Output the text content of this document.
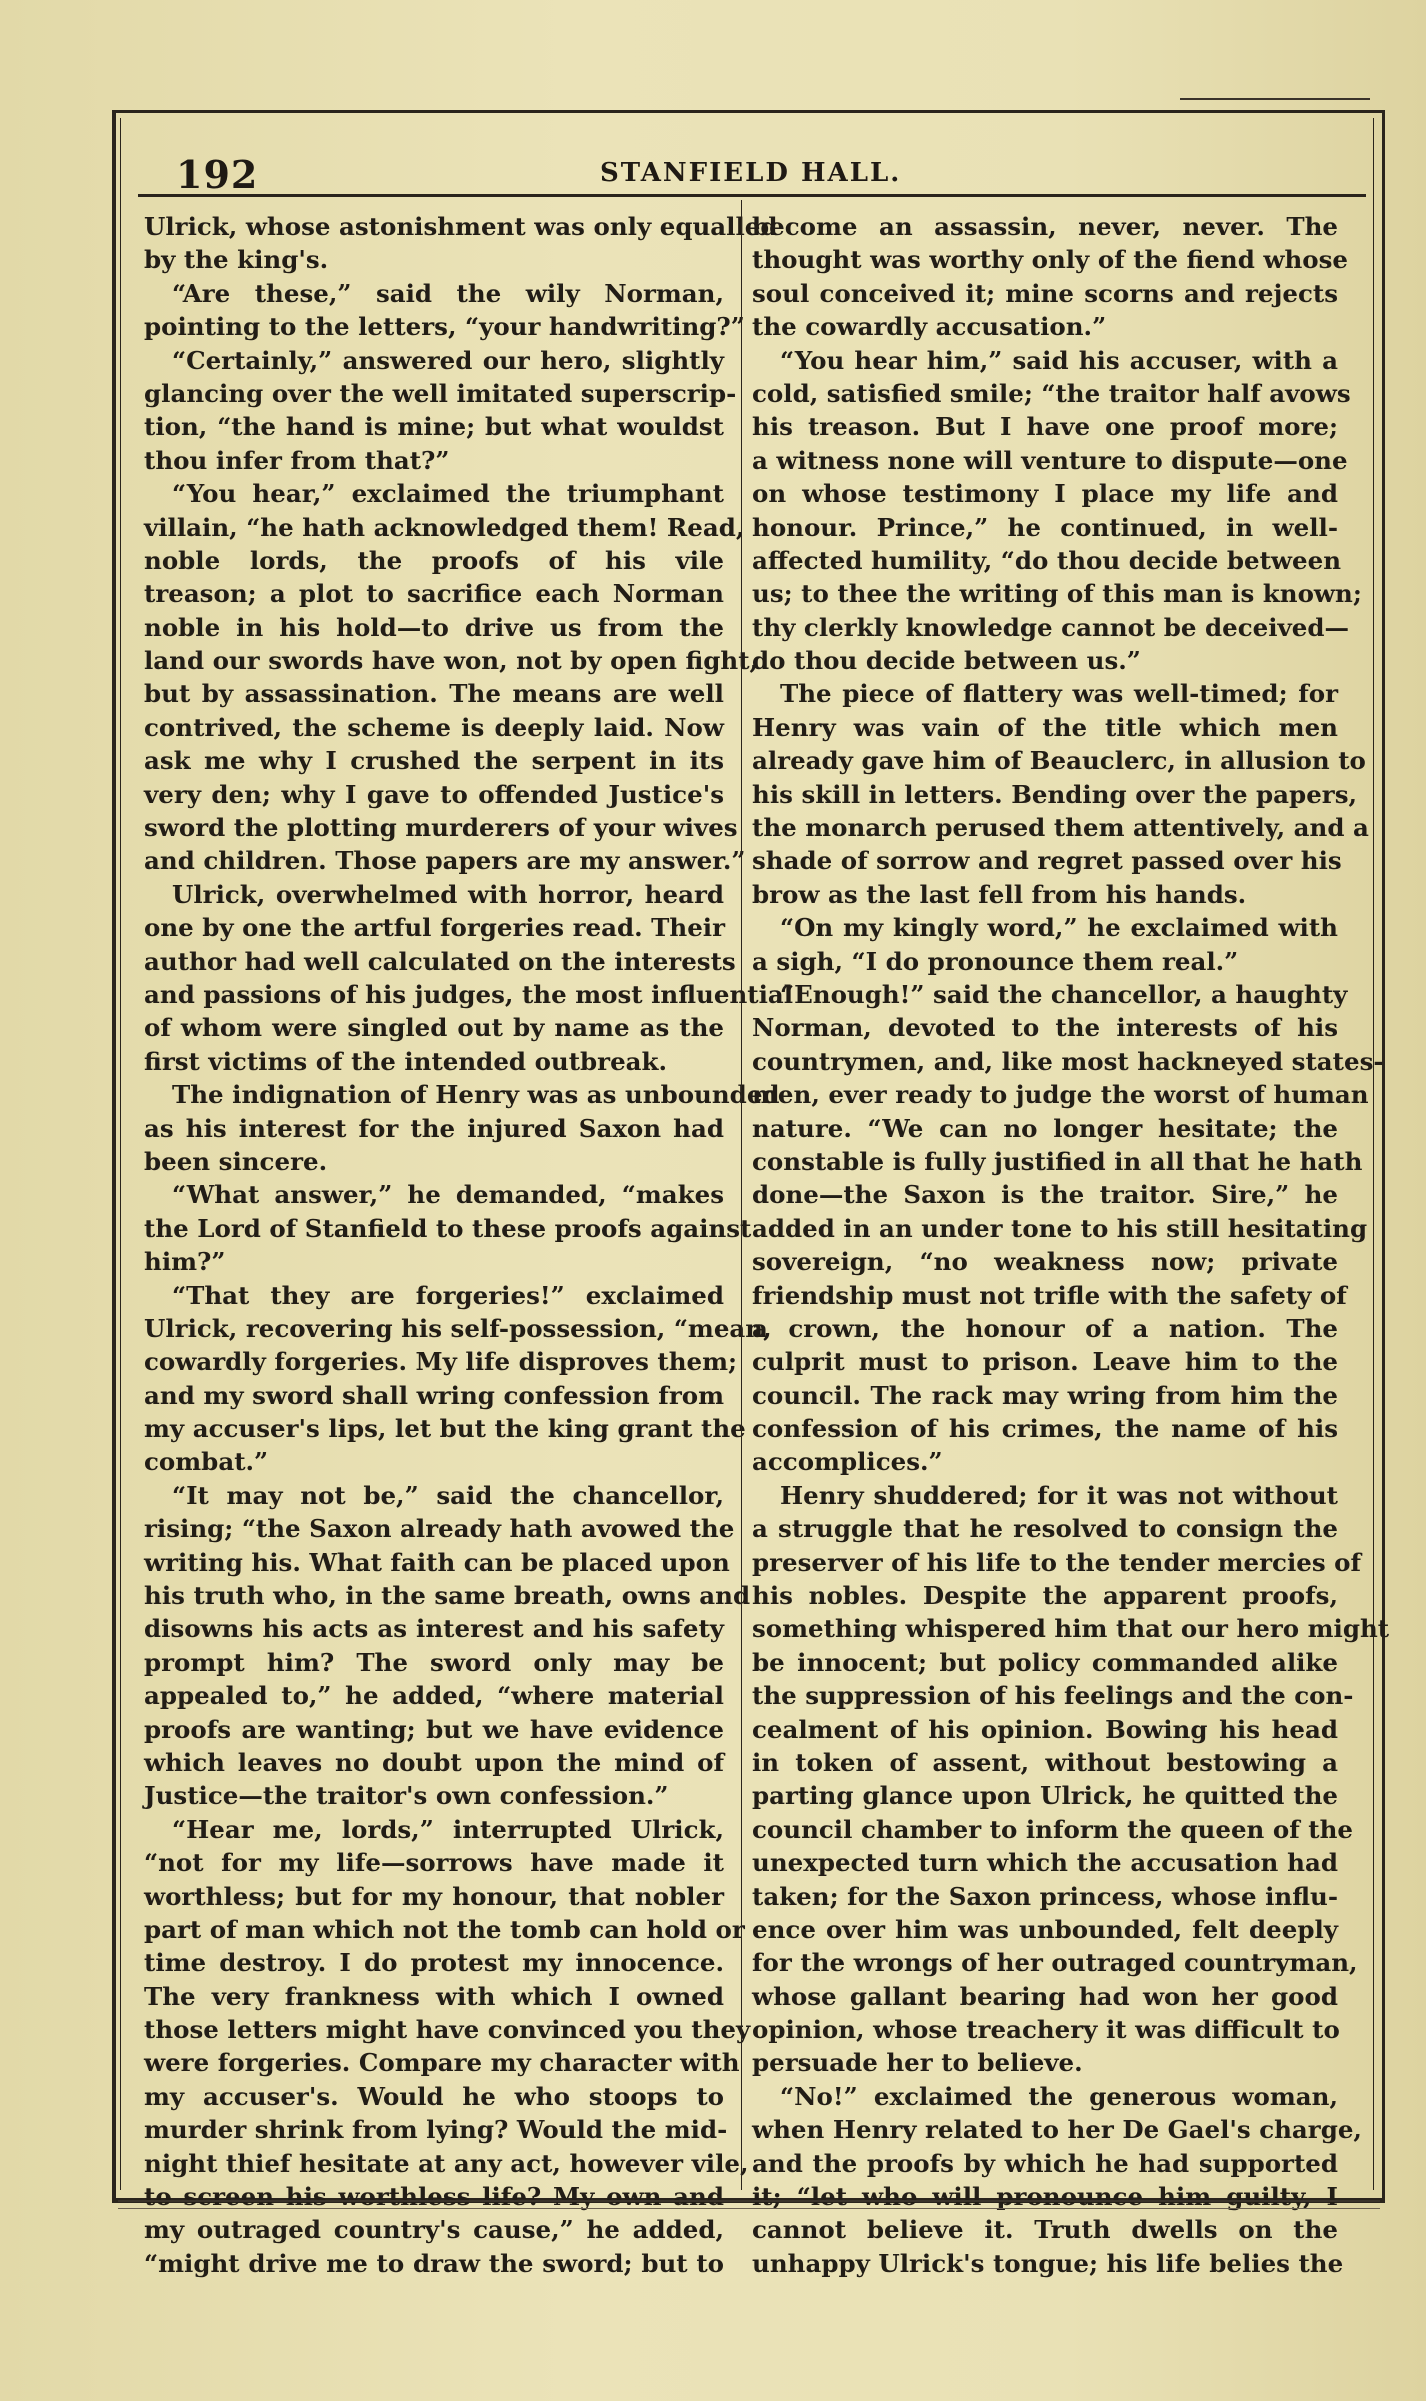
192	STANFIELD HALL.
Ulrick, whose astonishment was only equalled
by the king's.
“Are these,” said the wily Norman,
pointing to the letters, “your handwriting?”
“Certainly,” answered our hero, slightly
glancing over the well imitated superscrip-
tion, “the hand is mine; but what wouldst
thou infer from that?”
“You hear,” exclaimed the triumphant
villain, “he hath acknowledged them! Read,
noble lords, the proofs of his vile
treason; a plot to sacrifice each Norman
noble in his hold—to drive us from the
land our swords have won, not by open fight,
but by assassination. The means are well
contrived, the scheme is deeply laid. Now
ask me why I crushed the serpent in its
very den; why I gave to offended Justice's
sword the plotting murderers of your wives
and children. Those papers are my answer.”
Ulrick, overwhelmed with horror, heard
one by one the artful forgeries read. Their
author had well calculated on the interests
and passions of his judges, the most influential
of whom were singled out by name as the
first victims of the intended outbreak.
The indignation of Henry was as unbounded
as his interest for the injured Saxon had
been sincere.
“What answer,” he demanded, “makes
the Lord of Stanfield to these proofs against
him?”
“That they are forgeries!” exclaimed
Ulrick, recovering his self-possession, “mean,
cowardly forgeries. My life disproves them;
and my sword shall wring confession from
my accuser's lips, let but the king grant the
combat.”
“It may not be,” said the chancellor,
rising; “the Saxon already hath avowed the
writing his. What faith can be placed upon
his truth who, in the same breath, owns and
disowns his acts as interest and his safety
prompt him? The sword only may be
appealed to,” he added, “where material
proofs are wanting; but we have evidence
which leaves no doubt upon the mind of
Justice—the traitor's own confession.”
“Hear me, lords,” interrupted Ulrick,
“not for my life—sorrows have made it
worthless; but for my honour, that nobler
part of man which not the tomb can hold or
time destroy. I do protest my innocence.
The very frankness with which I owned
those letters might have convinced you they
were forgeries. Compare my character with
my accuser's. Would he who stoops to
murder shrink from lying? Would the mid-
night thief hesitate at any act, however vile,
to screen his worthless life? My own and
my outraged country's cause,” he added,
“might drive me to draw the sword; but to
become an assassin, never, never. The
thought was worthy only of the fiend whose
soul conceived it; mine scorns and rejects
the cowardly accusation.”
“You hear him,” said his accuser, with a
cold, satisfied smile; “the traitor half avows
his treason. But I have one proof more;
a witness none will venture to dispute—one
on whose testimony I place my life and
honour. Prince,” he continued, in well-
affected humility, “do thou decide between
us; to thee the writing of this man is known;
thy clerkly knowledge cannot be deceived—
do thou decide between us.”
The piece of flattery was well-timed; for
Henry was vain of the title which men
already gave him of Beauclerc, in allusion to
his skill in letters. Bending over the papers,
the monarch perused them attentively, and a
shade of sorrow and regret passed over his
brow as the last fell from his hands.
“On my kingly word,” he exclaimed with
a sigh, “I do pronounce them real.”
“Enough!” said the chancellor, a haughty
Norman, devoted to the interests of his
countrymen, and, like most hackneyed states-
men, ever ready to judge the worst of human
nature. “We can no longer hesitate; the
constable is fully justified in all that he hath
done—the Saxon is the traitor. Sire,” he
added in an under tone to his still hesitating
sovereign, “no weakness now; private
friendship must not trifle with the safety of
a crown, the honour of a nation. The
culprit must to prison. Leave him to the
council. The rack may wring from him the
confession of his crimes, the name of his
accomplices.”
Henry shuddered; for it was not without
a struggle that he resolved to consign the
preserver of his life to the tender mercies of
his nobles. Despite the apparent proofs,
something whispered him that our hero might
be innocent; but policy commanded alike
the suppression of his feelings and the con-
cealment of his opinion. Bowing his head
in token of assent, without bestowing a
parting glance upon Ulrick, he quitted the
council chamber to inform the queen of the
unexpected turn which the accusation had
taken; for the Saxon princess, whose influ-
ence over him was unbounded, felt deeply
for the wrongs of her outraged countryman,
whose gallant bearing had won her good
opinion, whose treachery it was difficult to
persuade her to believe.
“No!” exclaimed the generous woman,
when Henry related to her De Gael's charge,
and the proofs by which he had supported
it; “let who will pronounce him guilty, I
cannot believe it. Truth dwells on the
unhappy Ulrick's tongue; his life belies the
